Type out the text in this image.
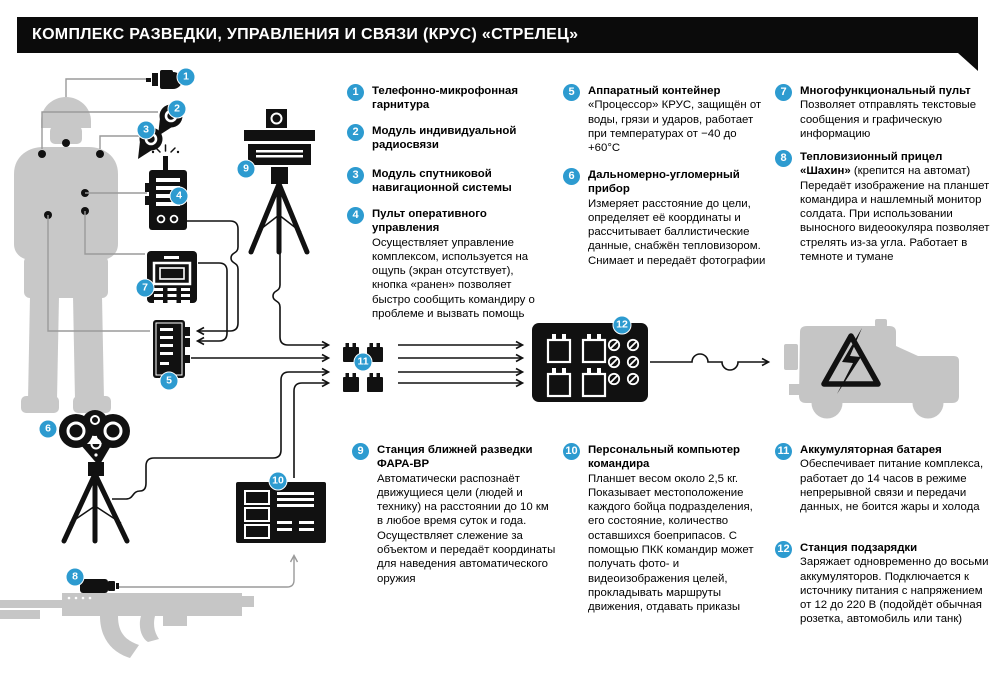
КОМПЛЕКС РАЗВЕДКИ, УПРАВЛЕНИЯ И СВЯЗИ (КРУС) «СТРЕЛЕЦ»
1
2
3
4
5
6
7
8
9
10
11
12
1	Телефонно-микрофонная гарнитура
2	Модуль индивидуальной радиосвязи
3	Модуль спутниковой навигационной системы
4	Пульт оперативного управления
Осуществляет управление комплексом, используется на ощупь (экран отсутствует), кнопка «ранен» позволяет быстро сообщить командиру о проблеме и вызвать помощь
5	Аппаратный контейнер
«Процессор» КРУС, защищён от воды, грязи и ударов, работает при температурах от −40 до +60°С
6	Дальномерно-угломерный прибор
Измеряет расстояние до цели, определяет её координаты и рассчитывает баллистические данные, снабжён тепловизором. Снимает и передаёт фотографии
7	Многофункциональный пульт
Позволяет отправлять текстовые сообщения и графическую информацию
8	Тепловизионный прицел «Шахин» (крепится на автомат) Передаёт изображение на планшет командира и нашлемный монитор солдата. При использовании выносного видеоокуляра позволяет стрелять из-за угла. Работает в темноте и тумане
9	Станция ближней разведки ФАРА-ВР
Автоматически распознаёт движущиеся цели (людей и технику) на расстоянии до 10 км в любое время суток и года. Осуществляет слежение за объектом и передаёт координаты для наведения автоматического оружия
10 Персональный компьютер командира
Планшет весом около 2,5 кг. Показывает местоположение каждого бойца подразделения, его состояние, количество оставшихся боеприпасов. С помощью ПКК командир может получать фото- и видеоизображения целей, прокладывать маршруты движения, отдавать приказы
11 Аккумуляторная батарея
Обеспечивает питание комплекса, работает до 14 часов в режиме непрерывной связи и передачи данных, не боится жары и холода
12 Станция подзарядки
Заряжает одновременно до восьми аккумуляторов. Подключается к источнику питания с напряжением от 12 до 220 В (подойдёт обычная розетка, автомобиль или танк)
